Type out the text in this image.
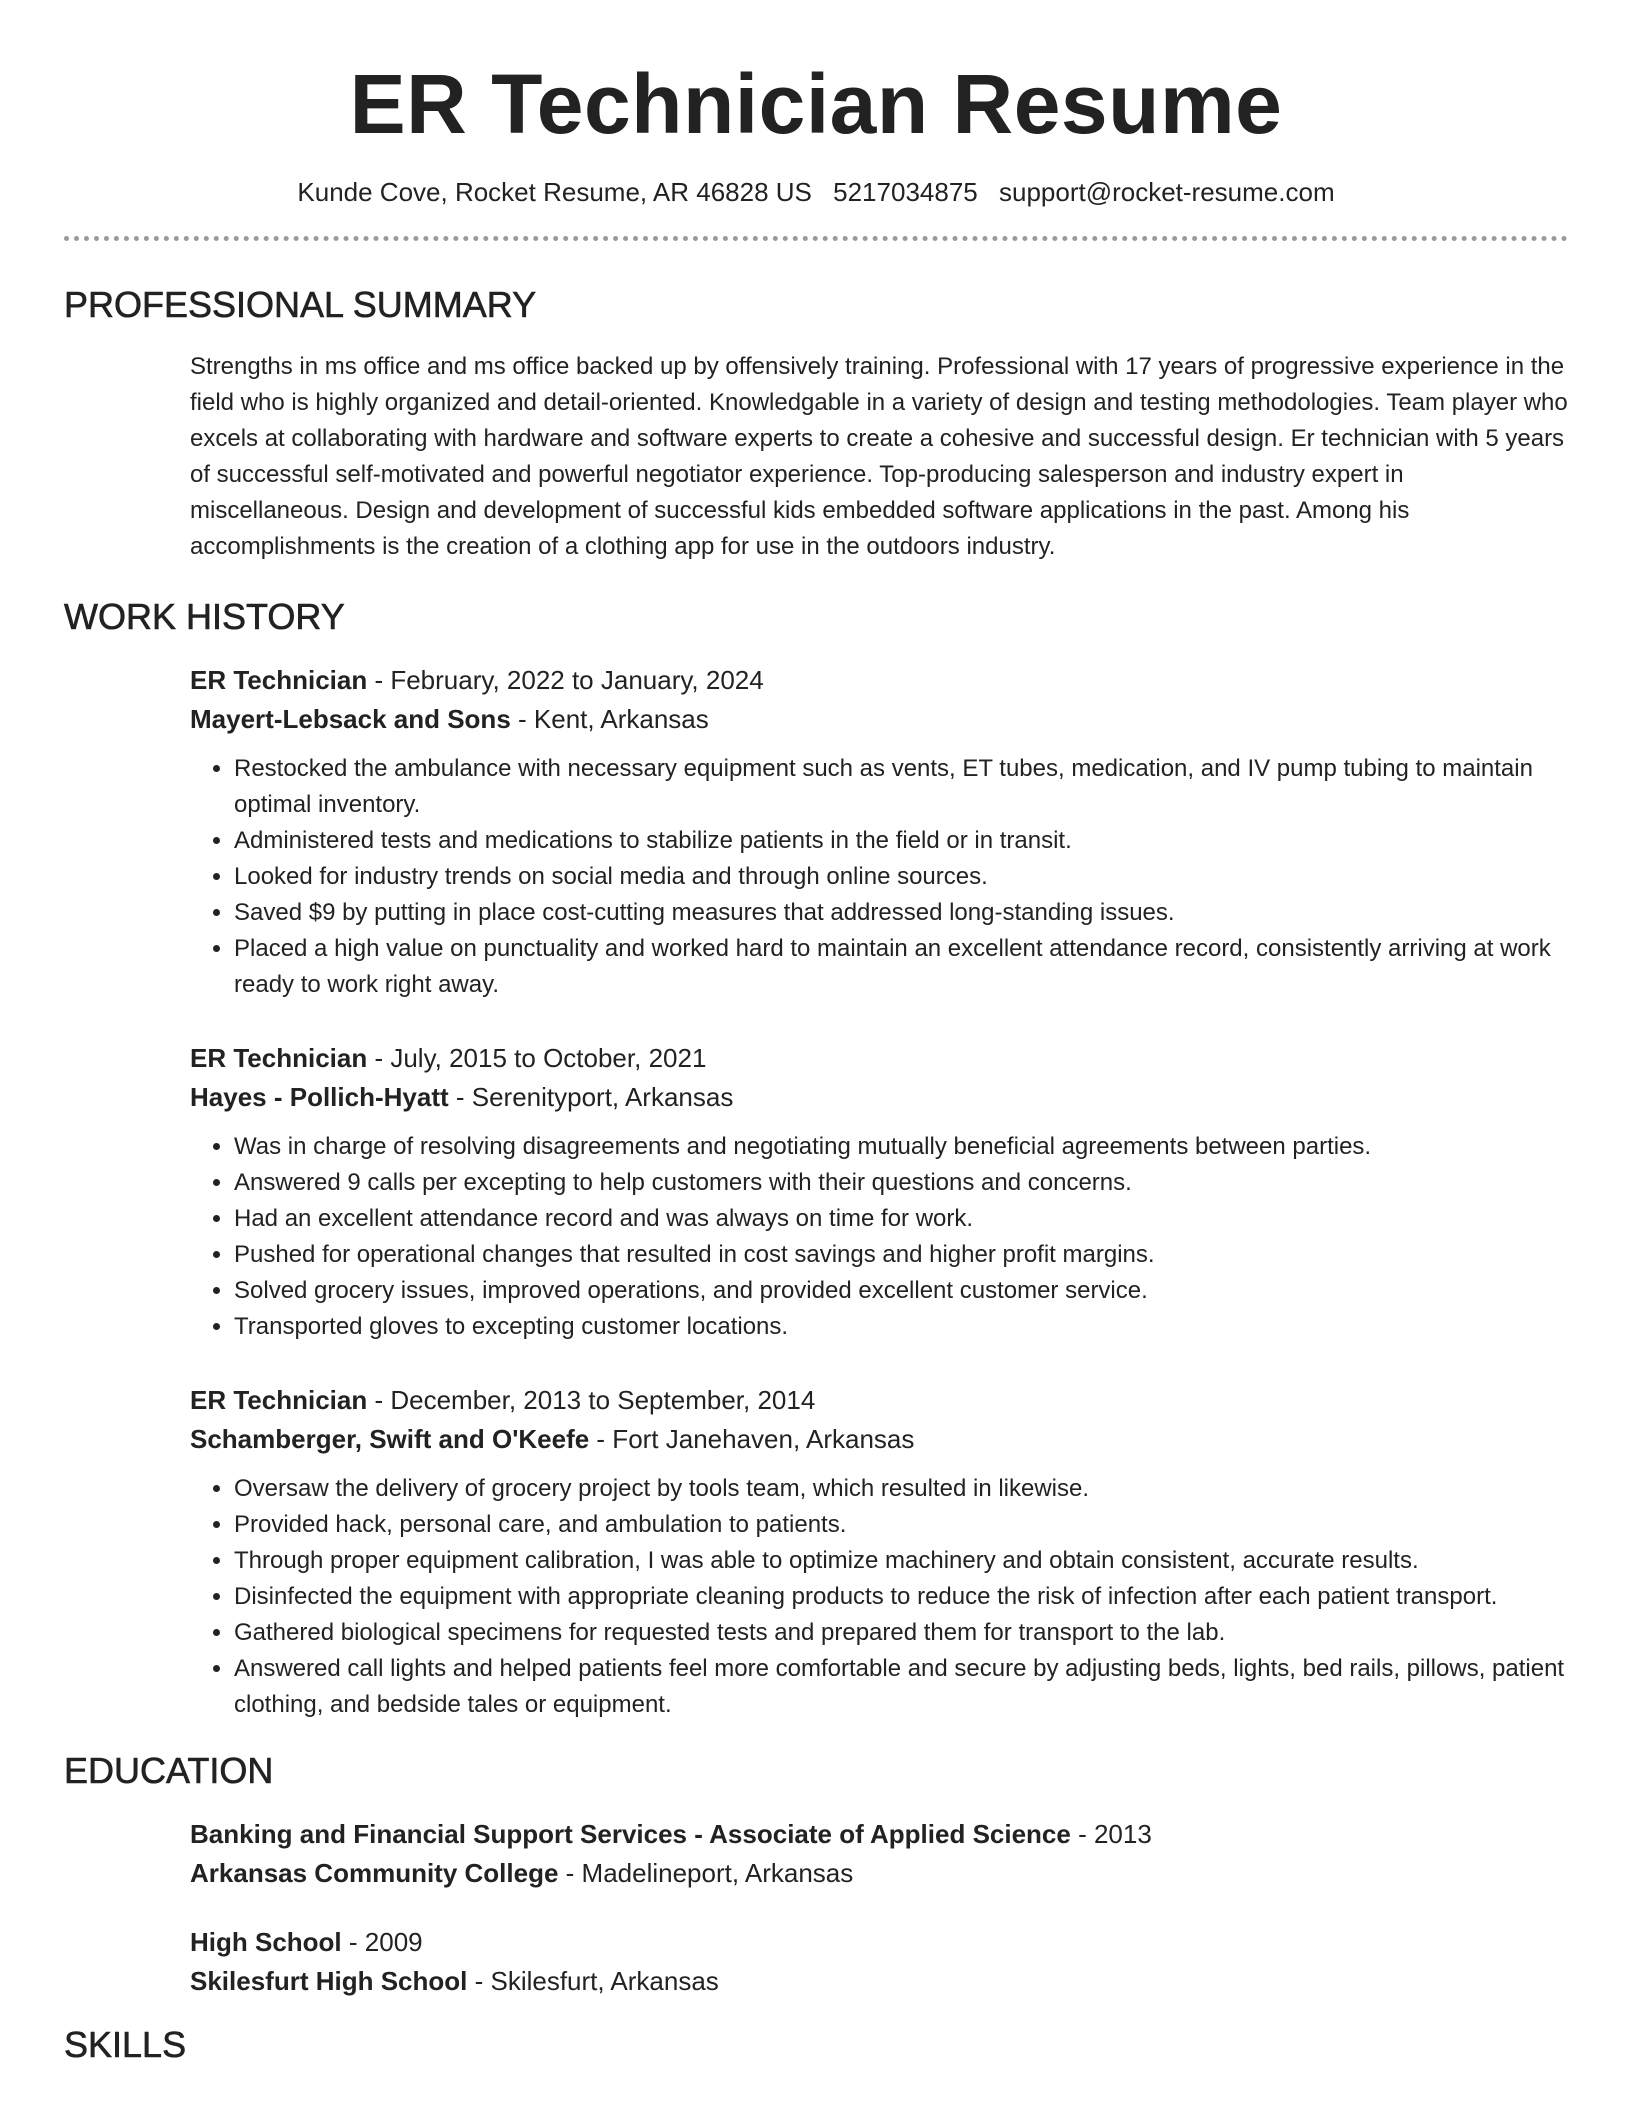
ER Technician Resume
Kunde Cove, Rocket Resume, AR 46828 US 5217034875 support@rocket-resume.com
PROFESSIONAL SUMMARY

Strengths in ms office and ms office backed up by offensively training. Professional with 17 years of progressive experience in the field who is highly organized and detail-oriented. Knowledgable in a variety of design and testing methodologies. Team player who excels at collaborating with hardware and software experts to create a cohesive and successful design. Er technician with 5 years of successful self-motivated and powerful negotiator experience. Top-producing salesperson and industry expert in miscellaneous. Design and development of successful kids embedded software applications in the past. Among his accomplishments is the creation of a clothing app for use in the outdoors industry.

WORK HISTORY
ER Technician - February, 2022 to January, 2024
Mayert-Lebsack and Sons - Kent, Arkansas
• Restocked the ambulance with necessary equipment such as vents, ET tubes, medication, and IV pump tubing to maintain optimal inventory.
• Administered tests and medications to stabilize patients in the field or in transit.
• Looked for industry trends on social media and through online sources.
• Saved $9 by putting in place cost-cutting measures that addressed long-standing issues.
• Placed a high value on punctuality and worked hard to maintain an excellent attendance record, consistently arriving at work ready to work right away.
ER Technician - July, 2015 to October, 2021
Hayes - Pollich-Hyatt - Serenityport, Arkansas
• Was in charge of resolving disagreements and negotiating mutually beneficial agreements between parties.
• Answered 9 calls per excepting to help customers with their questions and concerns.
• Had an excellent attendance record and was always on time for work.
• Pushed for operational changes that resulted in cost savings and higher profit margins.
• Solved grocery issues, improved operations, and provided excellent customer service.
• Transported gloves to excepting customer locations.
ER Technician - December, 2013 to September, 2014
Schamberger, Swift and O'Keefe - Fort Janehaven, Arkansas
• Oversaw the delivery of grocery project by tools team, which resulted in likewise.
• Provided hack, personal care, and ambulation to patients.
• Through proper equipment calibration, I was able to optimize machinery and obtain consistent, accurate results.
• Disinfected the equipment with appropriate cleaning products to reduce the risk of infection after each patient transport.
• Gathered biological specimens for requested tests and prepared them for transport to the lab.
• Answered call lights and helped patients feel more comfortable and secure by adjusting beds, lights, bed rails, pillows, patient clothing, and bedside tales or equipment.
EDUCATION
Banking and Financial Support Services - Associate of Applied Science - 2013
Arkansas Community College - Madelineport, Arkansas
High School - 2009
Skilesfurt High School - Skilesfurt, Arkansas
SKILLS
